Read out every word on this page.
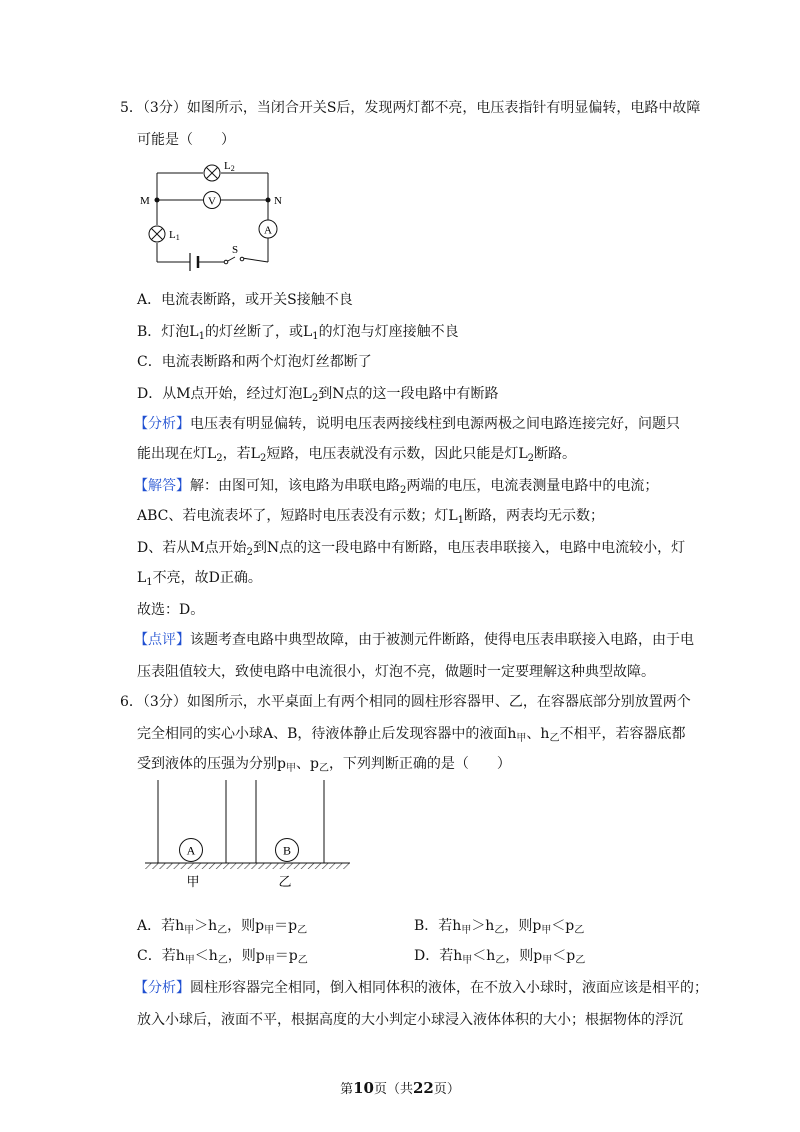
5．（3分）如图所示，当闭合开关S后，发现两灯都不亮，电压表指针有明显偏转，电路中故障
可能是（　　）
V
A
L2
M	N
L1
S
A．电流表断路，或开关S接触不良
B．灯泡$L_1$的灯丝断了，或$L_1$的灯泡与灯座接触不良
C．电流表断路和两个灯泡灯丝都断了
D．从M点开始，经过灯泡$L_2$到N点的这一段电路中有断路
【分析】电压表有明显偏转，说明电压表两接线柱到电源两极之间电路连接完好，问题只
能出现在灯$L_2$，若$L_2$短路，电压表就没有示数，因此只能是灯$L_2$断路。
【解答】解：由图可知，该电路为串联电路$_2$两端的电压，电流表测量电路中的电流；
ABC、若电流表坏了，短路时电压表没有示数；灯$L_1$断路，两表均无示数；
D、若从M点开始$_2$到N点的这一段电路中有断路，电压表串联接入，电路中电流较小，灯
$L_1$不亮，故D正确。
故选：D。
【点评】该题考查电路中典型故障，由于被测元件断路，使得电压表串联接入电路，由于电
压表阻值较大，致使电路中电流很小，灯泡不亮，做题时一定要理解这种典型故障。
6．（3分）如图所示，水平桌面上有两个相同的圆柱形容器甲、乙，在容器底部分别放置两个
完全相同的实心小球A、B，待液体静止后发现容器中的液面$h_甲$、$h_乙$不相平，若容器底都
受到液体的压强为分别$p_甲$、$p_乙$，下列判断正确的是（　　）
A	B
甲	乙
A．若$h_甲>h_乙$，则$p_甲=p_乙$	B．若$h_甲>h_乙$，则$p_甲<p_乙$
C．若$h_甲<h_乙$，则$p_甲=p_乙$	D．若$h_甲<h_乙$，则$p_甲<p_乙$
【分析】圆柱形容器完全相同，倒入相同体积的液体，在不放入小球时，液面应该是相平的；
放入小球后，液面不平，根据高度的大小判定小球浸入液体体积的大小；根据物体的浮沉
第10页（共22页）
